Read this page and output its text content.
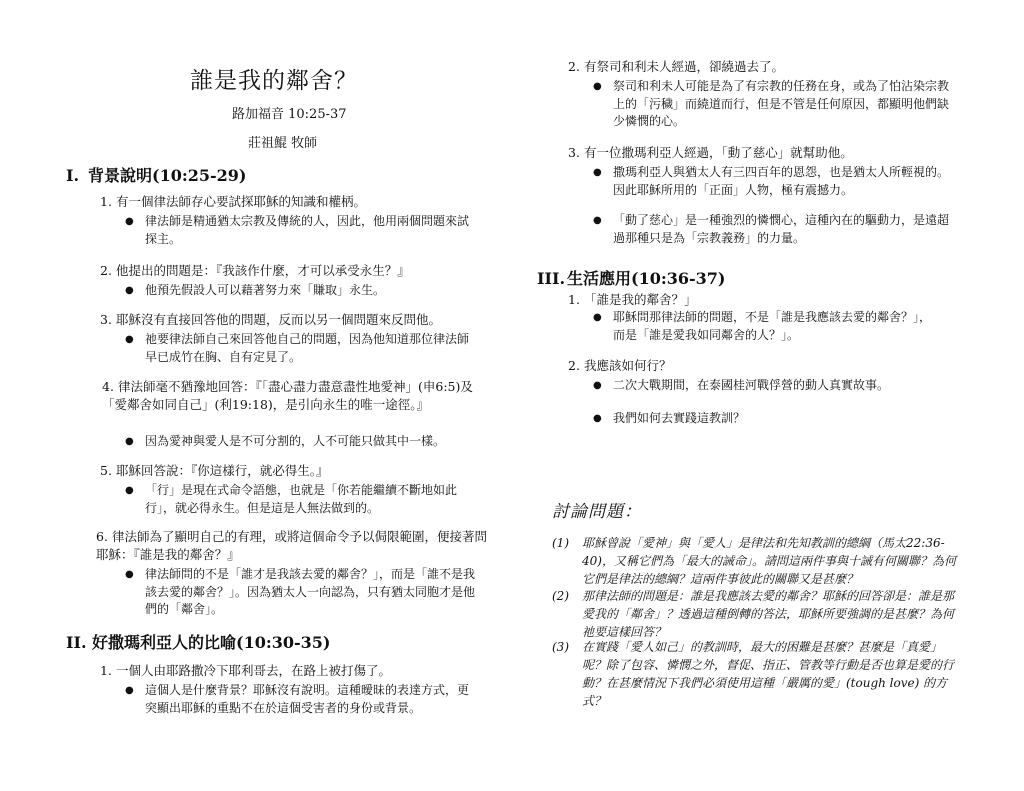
誰是我的鄰舍？
路加福音 10:25-37
莊祖鯤 牧師
I. 背景說明(10:25-29)
1. 有一個律法師存心要試探耶穌的知識和權柄。
● 律法師是精通猶太宗教及傳統的人，因此，他用兩個問題來試探主。
2. 他提出的問題是：『我該作什麼，才可以承受永生？』
● 他預先假設人可以藉著努力來「賺取」永生。
3. 耶穌沒有直接回答他的問題，反而以另一個問題來反問他。
● 祂要律法師自己來回答他自己的問題，因為他知道那位律法師早已成竹在胸、自有定見了。
4. 律法師毫不猶豫地回答：『「盡心盡力盡意盡性地愛神」(申6:5)及「愛鄰舍如同自己」(利19:18)，是引向永生的唯一途徑。』
● 因為愛神與愛人是不可分割的，人不可能只做其中一樣。
5. 耶穌回答說：『你這樣行，就必得生。』
● 「行」是現在式命令語態，也就是「你若能繼續不斷地如此行」，就必得永生。但是這是人無法做到的。
6. 律法師為了顯明自己的有理，或將這個命令予以侷限範圍，便接著問耶穌：『誰是我的鄰舍？』
● 律法師問的不是「誰才是我該去愛的鄰舍？」，而是「誰不是我該去愛的鄰舍？」。因為猶太人一向認為，只有猶太同胞才是他們的「鄰舍」。
II. 好撒瑪利亞人的比喻(10:30-35)
1. 一個人由耶路撒冷下耶利哥去，在路上被打傷了。
● 這個人是什麼背景？耶穌沒有說明。這種曖昧的表達方式，更突顯出耶穌的重點不在於這個受害者的身份或背景。
2. 有祭司和利未人經過，卻繞過去了。
● 祭司和利未人可能是為了有宗教的任務在身，或為了怕沾染宗教上的「污穢」而繞道而行，但是不管是任何原因，都顯明他們缺少憐憫的心。
3. 有一位撒瑪利亞人經過，「動了慈心」就幫助他。
● 撒瑪利亞人與猶太人有三四百年的恩怨，也是猶太人所輕視的。因此耶穌所用的「正面」人物，極有震撼力。
● 「動了慈心」是一種強烈的憐憫心，這種內在的驅動力，是遠超過那種只是為「宗教義務」的力量。
III. 生活應用(10:36-37)
1. 「誰是我的鄰舍？」
● 耶穌問那律法師的問題，不是「誰是我應該去愛的鄰舍？」，而是「誰是愛我如同鄰舍的人？」。
2. 我應該如何行？
● 二次大戰期間，在泰國桂河戰俘營的動人真實故事。
● 我們如何去實踐這教訓？
討論問題：
(1) 耶穌曾說「愛神」與「愛人」是律法和先知教訓的總綱（馬太22:36-40)，又稱它們為「最大的誡命」。請問這兩件事與十誡有何關聯？為何它們是律法的總綱？這兩件事彼此的關聯又是甚麼？
(2) 那律法師的問題是：誰是我應該去愛的鄰舍？耶穌的回答卻是：誰是那愛我的「鄰舍」？透過這種倒轉的答法，耶穌所要強調的是甚麼？為何祂要這樣回答？
(3) 在實踐「愛人如己」的教訓時，最大的困難是甚麼？甚麼是「真愛」呢？除了包容、憐憫之外，督促、指正、管教等行動是否也算是愛的行動？在甚麼情況下我們必須使用這種「嚴厲的愛」(tough love) 的方式？
